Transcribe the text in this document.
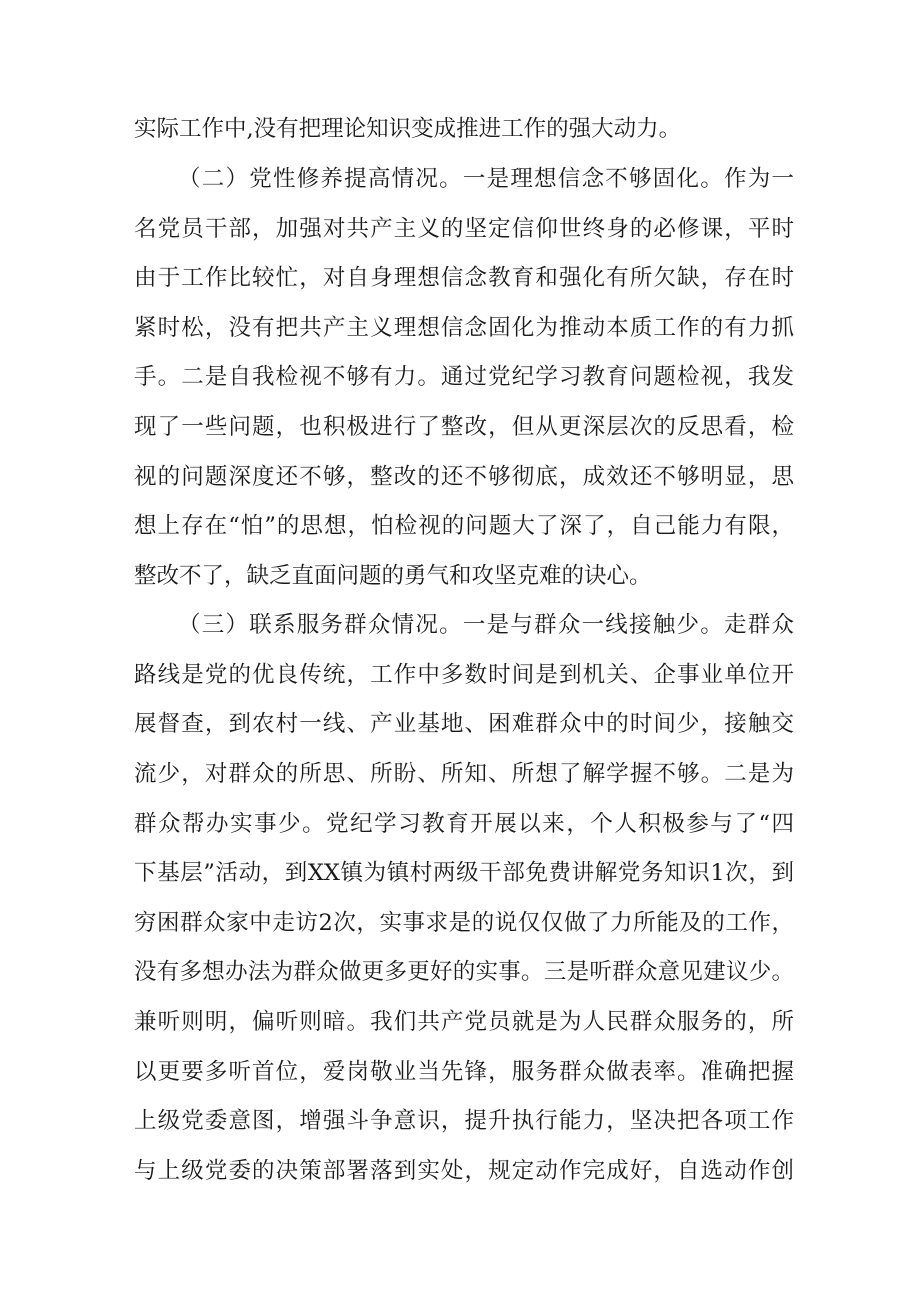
实际工作中,没有把理论知识变成推进工作的强大动力。

（二）党性修养提高情况。一是理想信念不够固化。作为一

名党员干部，加强对共产主义的坚定信仰世终身的必修课，平时

由于工作比较忙，对自身理想信念教育和强化有所欠缺，存在时

紧时松，没有把共产主义理想信念固化为推动本质工作的有力抓

手。二是自我检视不够有力。通过党纪学习教育问题检视，我发

现了一些问题，也积极进行了整改，但从更深层次的反思看，检

视的问题深度还不够，整改的还不够彻底，成效还不够明显，思

想上存在“怕”的思想，怕检视的问题大了深了，自己能力有限，

整改不了，缺乏直面问题的勇气和攻坚克难的诀心。

（三）联系服务群众情况。一是与群众一线接触少。走群众

路线是党的优良传统，工作中多数时间是到机关、企事业单位开

展督查，到农村一线、产业基地、困难群众中的时间少，接触交

流少，对群众的所思、所盼、所知、所想了解学握不够。二是为

群众帮办实事少。党纪学习教育开展以来，个人积极参与了“四

下基层”活动，到XX镇为镇村两级干部免费讲解党务知识1次，到

穷困群众家中走访2次，实事求是的说仅仅做了力所能及的工作，

没有多想办法为群众做更多更好的实事。三是听群众意见建议少。

兼听则明，偏听则暗。我们共产党员就是为人民群众服务的，所

以更要多听首位，爱岗敬业当先锋，服务群众做表率。准确把握

上级党委意图，增强斗争意识，提升执行能力，坚决把各项工作

与上级党委的决策部署落到实处，规定动作完成好，自选动作创
